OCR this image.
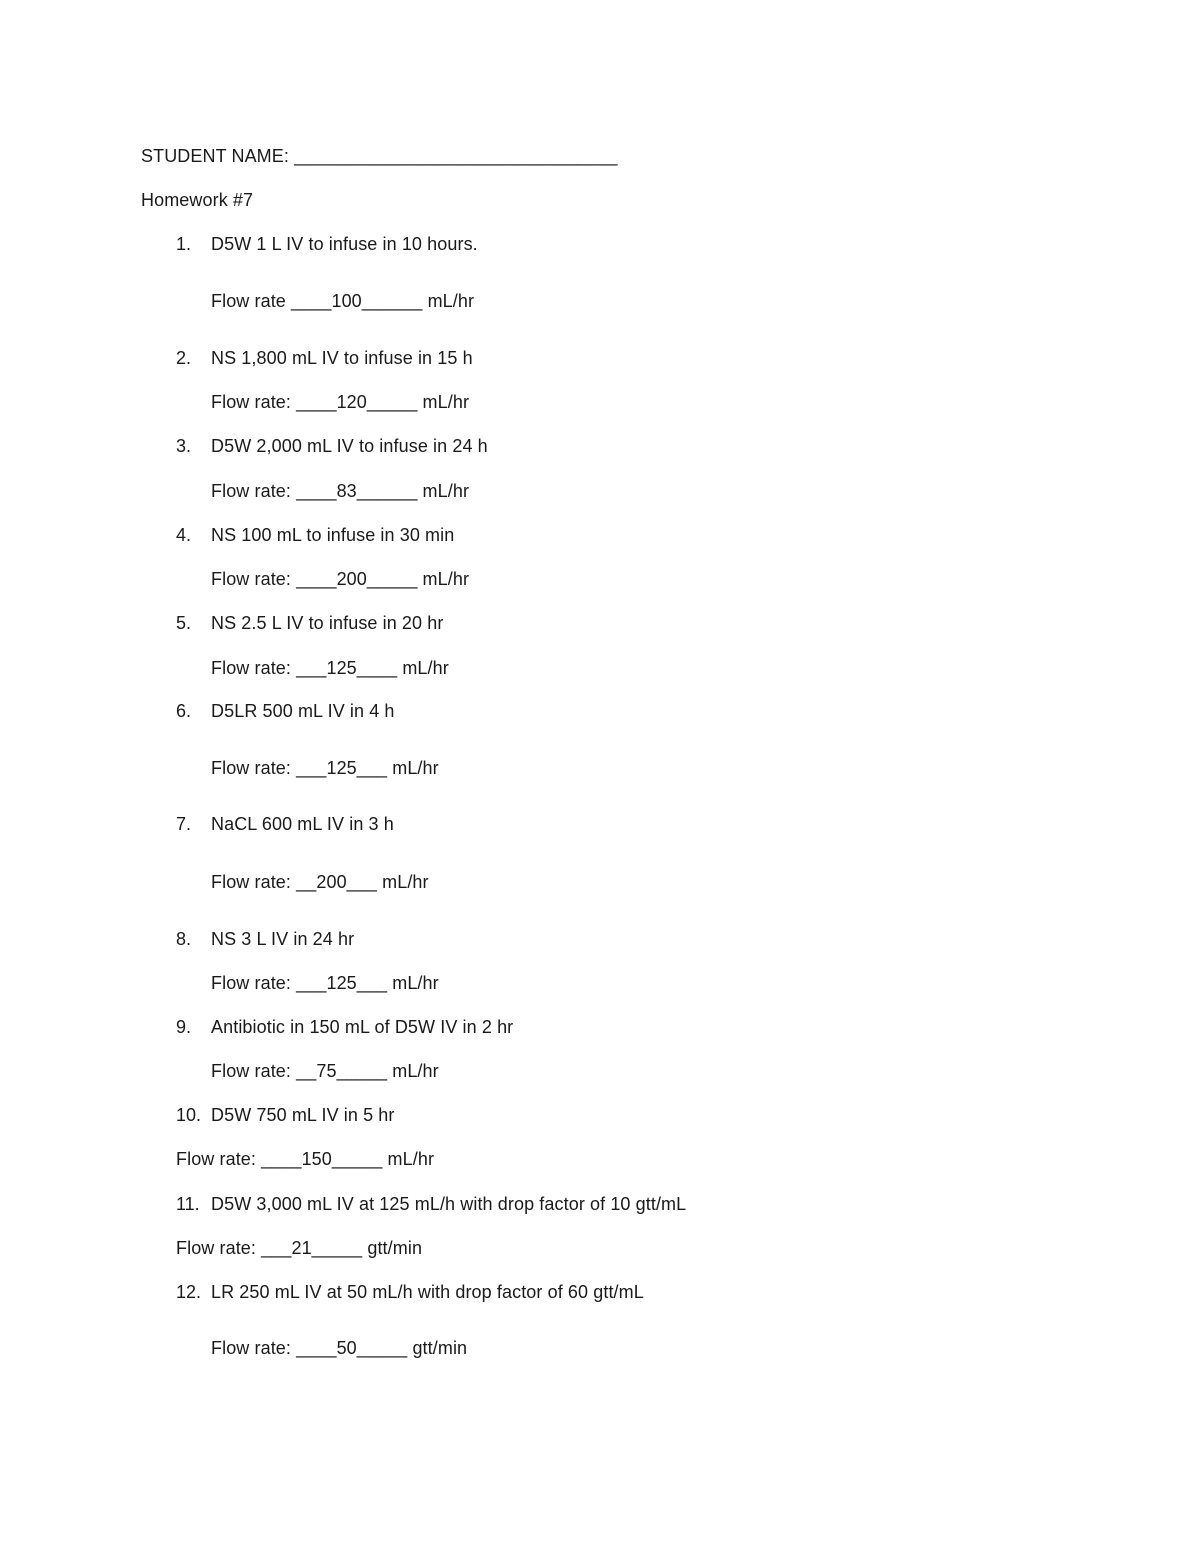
STUDENT NAME: ________________________________
Homework #7
1. D5W 1 L IV to infuse in 10 hours.
Flow rate ____100______ mL/hr
2. NS 1,800 mL IV to infuse in 15 h
Flow rate: ____120_____ mL/hr
3. D5W 2,000 mL IV to infuse in 24 h
Flow rate: ____83______ mL/hr
4. NS 100 mL to infuse in 30 min
Flow rate: ____200_____ mL/hr
5. NS 2.5 L IV to infuse in 20 hr
Flow rate: ___125____ mL/hr
6. D5LR 500 mL IV in 4 h
Flow rate: ___125___ mL/hr
7. NaCL 600 mL IV in 3 h
Flow rate: __200___ mL/hr
8. NS 3 L IV in 24 hr
Flow rate: ___125___ mL/hr
9. Antibiotic in 150 mL of D5W IV in 2 hr
Flow rate: __75_____ mL/hr
10. D5W 750 mL IV in 5 hr
Flow rate: ____150_____ mL/hr
11. D5W 3,000 mL IV at 125 mL/h with drop factor of 10 gtt/mL
Flow rate: ___21_____ gtt/min
12. LR 250 mL IV at 50 mL/h with drop factor of 60 gtt/mL
Flow rate: ____50_____ gtt/min
